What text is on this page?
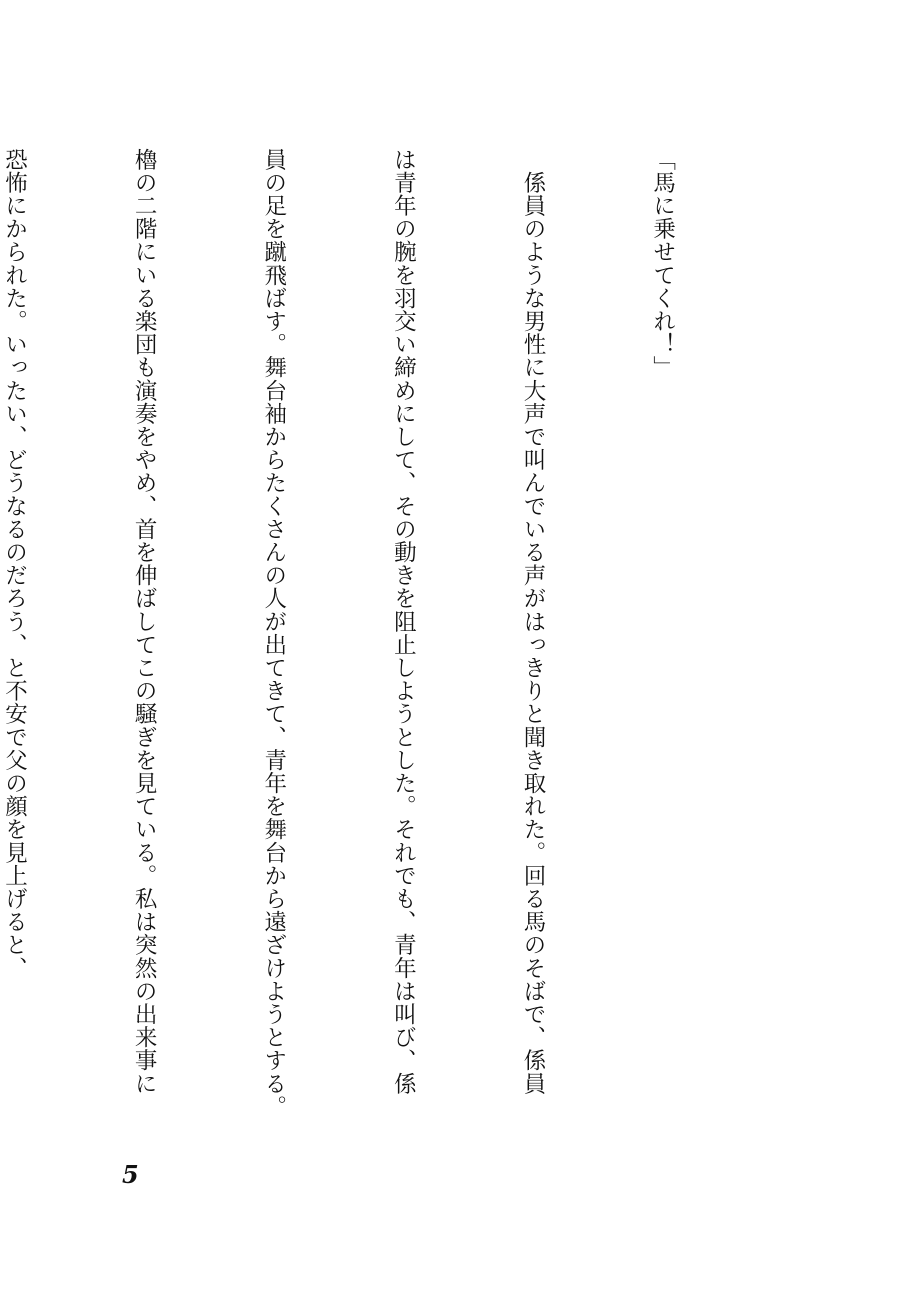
「馬に乗せてくれ！」

　係員のような男性に大声で叫んでいる声がはっきりと聞き取れた。回る馬のそばで、係員

は青年の腕を羽交い締めにして、その動きを阻止しようとした。それでも、青年は叫び、係

員の足を蹴飛ばす。舞台袖からたくさんの人が出てきて、青年を舞台から遠ざけようとする。

櫓の二階にいる楽団も演奏をやめ、首を伸ばしてこの騒ぎを見ている。私は突然の出来事に

恐怖にかられた。いったい、どうなるのだろう、と不安で父の顔を見上げると、

5
